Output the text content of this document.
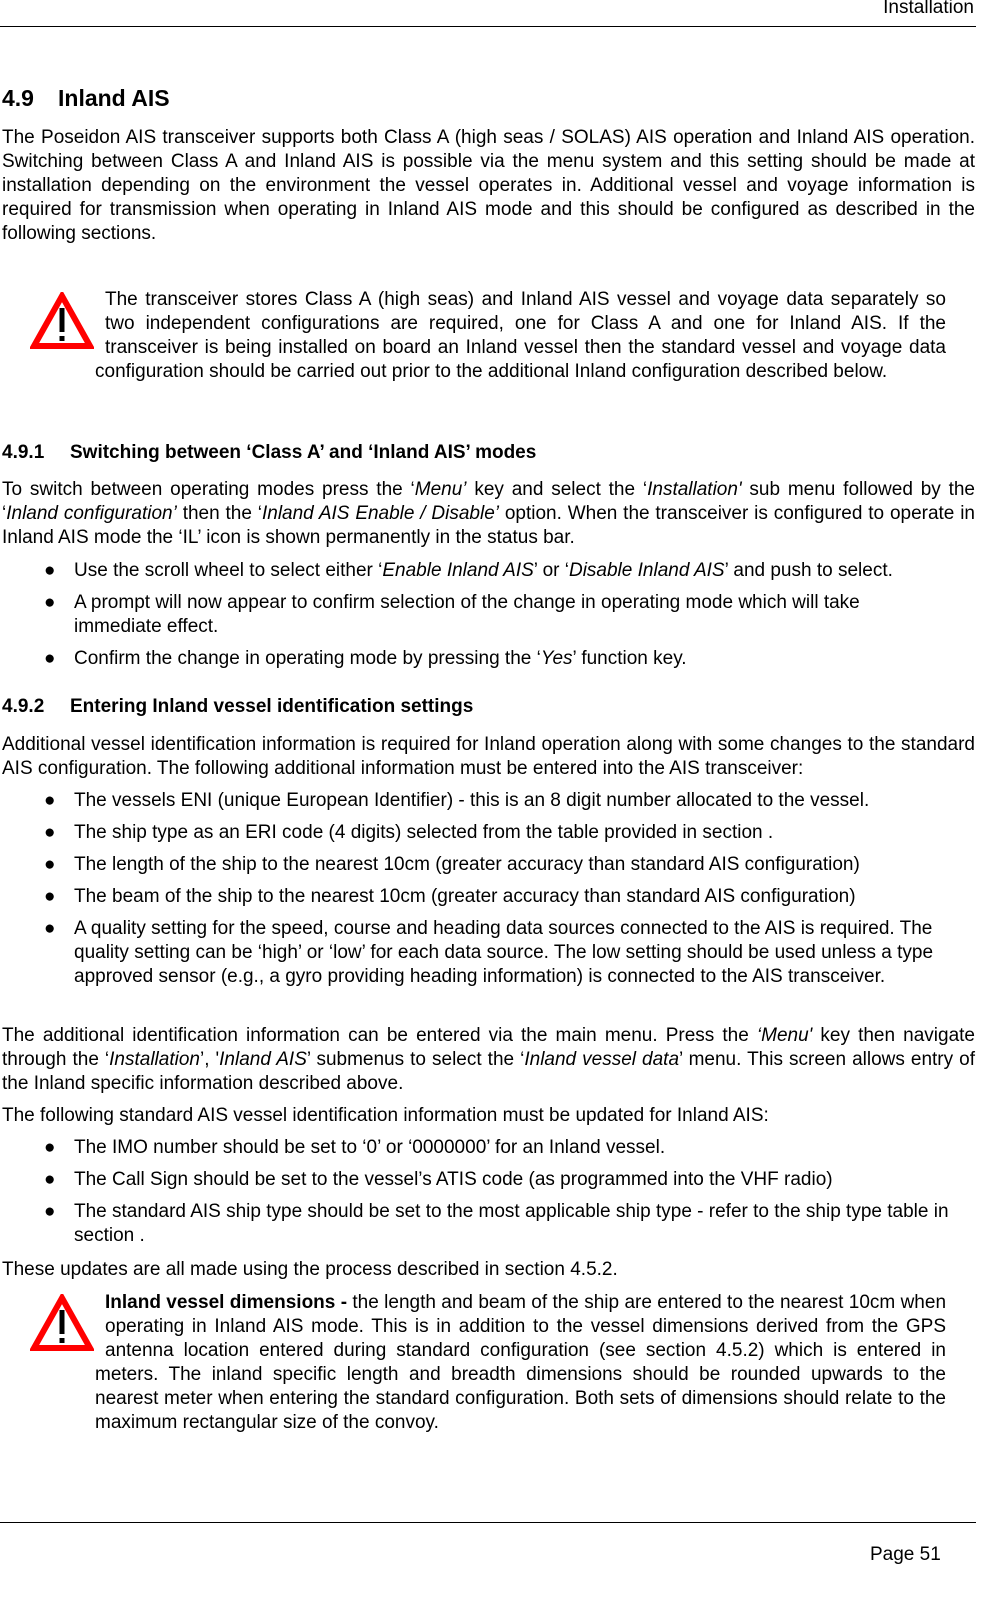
Installation
4.9 Inland AIS

The Poseidon AIS transceiver supports both Class A (high seas / SOLAS) AIS operation and Inland AIS operation. Switching between Class A and Inland AIS is possible via the menu system and this setting should be made at installation depending on the environment the vessel operates in. Additional vessel and voyage information is required for transmission when operating in Inland AIS mode and this should be configured as described in the following sections.

The transceiver stores Class A (high seas) and Inland AIS vessel and voyage data separately so two independent configurations are required, one for Class A and one for Inland AIS. If the transceiver is being installed on board an Inland vessel then the standard vessel and voyage data configuration should be carried out prior to the additional Inland configuration described below.
4.9.1 Switching between ‘Class A’ and ‘Inland AIS’ modes

To switch between operating modes press the ‘Menu’ key and select the ‘Installation' sub menu followed by the ‘Inland configuration’ then the ‘Inland AIS Enable / Disable’ option. When the transceiver is configured to operate in Inland AIS mode the ‘IL’ icon is shown permanently in the status bar.

● Use the scroll wheel to select either ‘Enable Inland AIS’ or ‘Disable Inland AIS’ and push to select.
● A prompt will now appear to confirm selection of the change in operating mode which will take immediate effect.
● Confirm the change in operating mode by pressing the ‘Yes’ function key.
4.9.2 Entering Inland vessel identification settings

Additional vessel identification information is required for Inland operation along with some changes to the standard AIS configuration. The following additional information must be entered into the AIS transceiver:

● The vessels ENI (unique European Identifier) - this is an 8 digit number allocated to the vessel.
● The ship type as an ERI code (4 digits) selected from the table provided in section .
● The length of the ship to the nearest 10cm (greater accuracy than standard AIS configuration)
● The beam of the ship to the nearest 10cm (greater accuracy than standard AIS configuration)
● A quality setting for the speed, course and heading data sources connected to the AIS is required. The quality setting can be ‘high’ or ‘low’ for each data source. The low setting should be used unless a type approved sensor (e.g., a gyro providing heading information) is connected to the AIS transceiver.

The additional identification information can be entered via the main menu. Press the ‘Menu' key then navigate through the ‘Installation’, 'Inland AIS’ submenus to select the ‘Inland vessel data’ menu. This screen allows entry of the Inland specific information described above.

The following standard AIS vessel identification information must be updated for Inland AIS:

● The IMO number should be set to ‘0’ or ‘0000000’ for an Inland vessel.
● The Call Sign should be set to the vessel’s ATIS code (as programmed into the VHF radio)
● The standard AIS ship type should be set to the most applicable ship type - refer to the ship type table in section .

These updates are all made using the process described in section 4.5.2.

Inland vessel dimensions - the length and beam of the ship are entered to the nearest 10cm when operating in Inland AIS mode. This is in addition to the vessel dimensions derived from the GPS antenna location entered during standard configuration (see section 4.5.2) which is entered in meters. The inland specific length and breadth dimensions should be rounded upwards to the nearest meter when entering the standard configuration. Both sets of dimensions should relate to the maximum rectangular size of the convoy.
Page 51
